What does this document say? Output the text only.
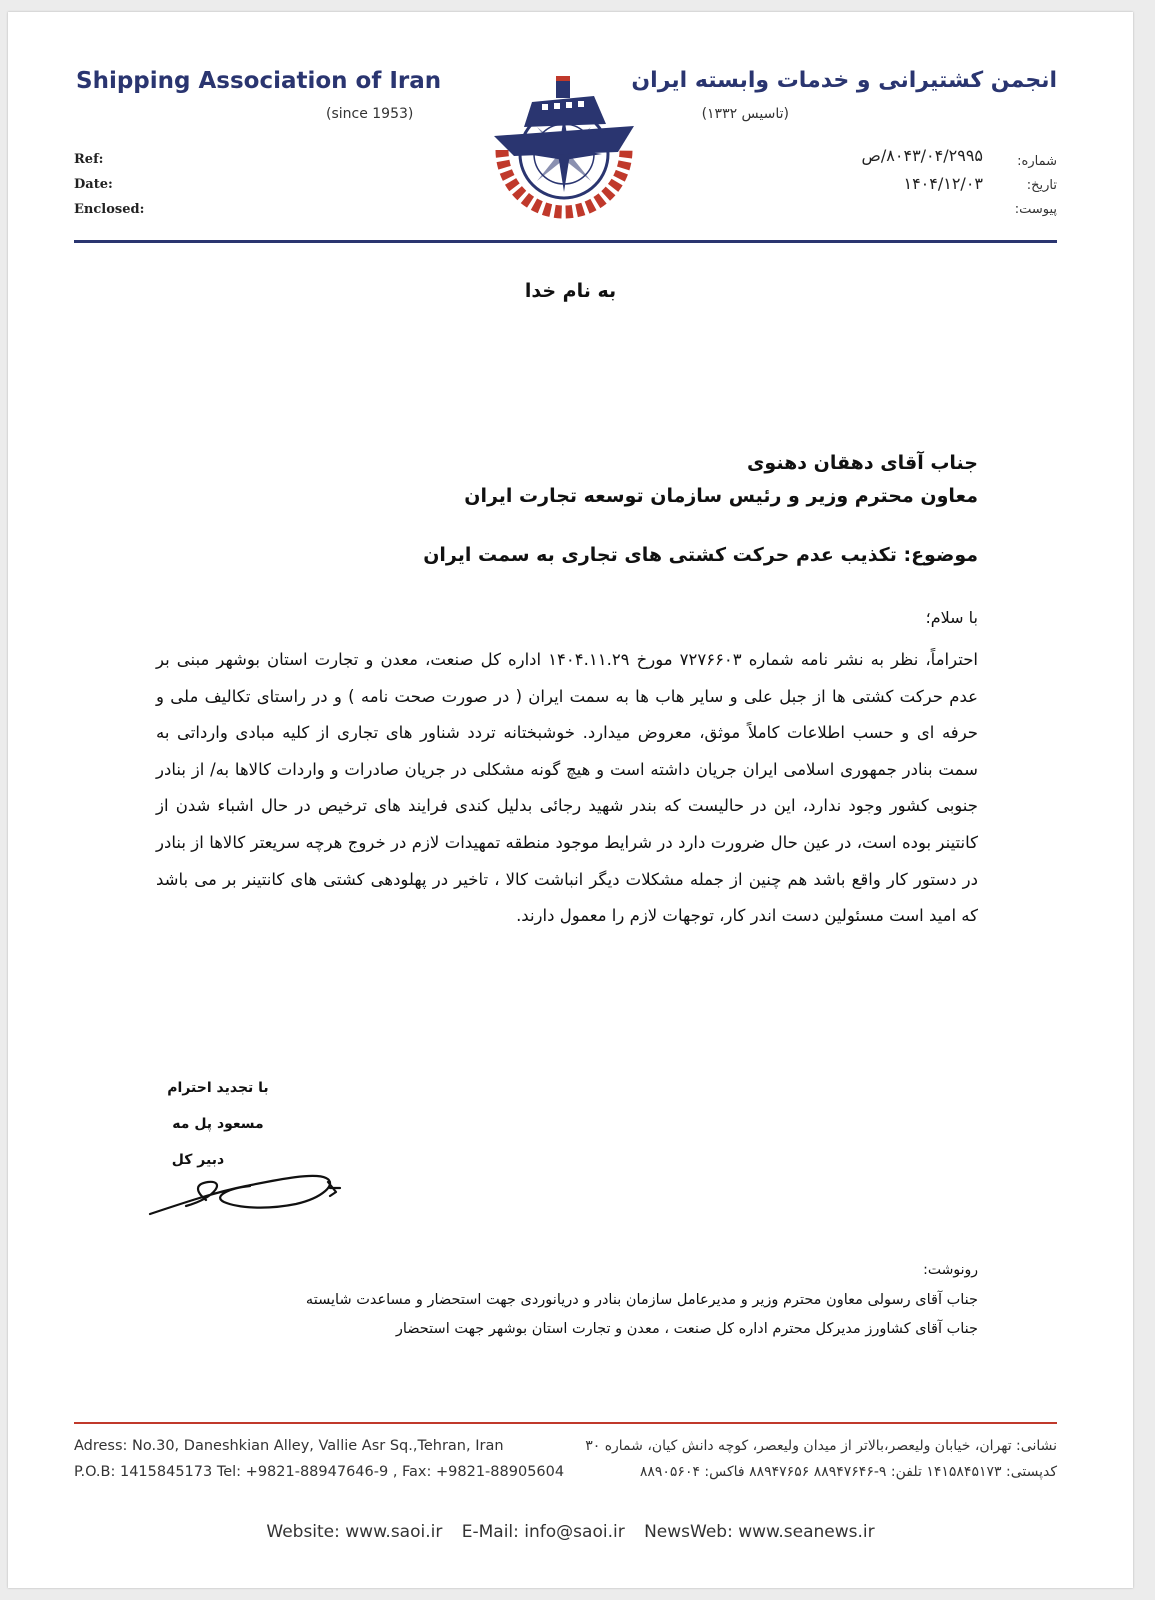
Shipping Association of Iran
(since 1953)
انجمن کشتیرانی و خدمات وابسته ایران
(تاسیس ۱۳۳۲)
Ref:
Date:
Enclosed:
شماره:
تاریخ:
پیوست:
۸۰۴۳/۰۴/۲۹۹۵/ص
۱۴۰۴/۱۲/۰۳
به نام خدا
جناب آقای دهقان دهنوی
معاون محترم وزیر و رئیس سازمان توسعه تجارت ایران
موضوع: تکذیب عدم حرکت کشتی های تجاری به سمت ایران
با سلام؛
احتراماً، نظر به نشر نامه شماره ۷۲۷۶۶۰۳ مورخ ۱۴۰۴.۱۱.۲۹ اداره کل صنعت، معدن و تجارت استان بوشهر مبنی بر عدم حرکت کشتی ها از جبل علی و سایر هاب ها به سمت ایران ( در صورت صحت نامه ) و در راستای تکالیف ملی و حرفه ای و حسب اطلاعات کاملاً موثق، معروض میدارد. خوشبختانه تردد شناور های تجاری از کلیه مبادی وارداتی به سمت بنادر جمهوری اسلامی ایران جریان داشته است و هیچ گونه مشکلی در جریان صادرات و واردات کالاها به/ از بنادر جنوبی کشور وجود ندارد، این در حالیست که بندر شهید رجائی بدلیل کندی فرایند های ترخیص در حال اشباء شدن از کانتینر بوده است، در عین حال ضرورت دارد در شرایط موجود منطقه تمهیدات لازم در خروج هرچه سریعتر کالاها از بنادر در دستور کار واقع باشد هم چنین از جمله مشکلات دیگر انباشت کالا ، تاخیر در پهلودهی کشتی های کانتینر بر می باشد که امید است مسئولین دست اندر کار، توجهات لازم را معمول دارند.
با تجدید احترام
مسعود پل مه
دبیر کل
رونوشت:
جناب آقای رسولی معاون محترم وزیر و مدیرعامل سازمان بنادر و دریانوردی جهت استحضار و مساعدت شایسته
جناب آقای کشاورز مدیرکل محترم اداره کل صنعت ، معدن و تجارت استان بوشهر جهت استحضار
Adress: No.30, Daneshkian Alley, Vallie Asr Sq.,Tehran, Iran
P.O.B: 1415845173 Tel: +9821-88947646-9 , Fax: +9821-88905604
نشانی: تهران، خیابان ولیعصر،بالاتر از میدان ولیعصر، کوچه دانش کیان، شماره ۳۰
کدپستی: ۱۴۱۵۸۴۵۱۷۳ تلفن: ۹-۸۸۹۴۷۶۴۶ ۸۸۹۴۷۶۵۶ فاکس: ۸۸۹۰۵۶۰۴
Website: www.saoi.ir E-Mail: info@saoi.ir NewsWeb: www.seanews.ir
